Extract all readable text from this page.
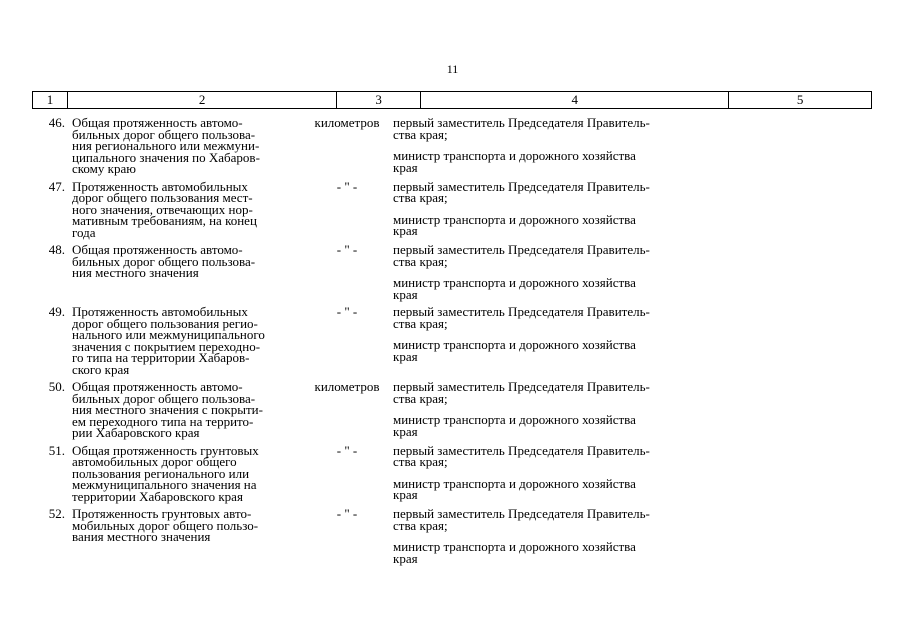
11
1	2	3	4	5
46. Общая протяженность автомо-
бильных дорог общего пользова-
ния регионального или межмуни-
ципального значения по Хабаров-
скому краю
километров	первый заместитель Председателя Правитель-
ства края;
министр транспорта и дорожного хозяйства
края
47. Протяженность автомобильных
дорог общего пользования мест-
ного значения, отвечающих нор-
мативным требованиям, на конец
года
- " -	первый заместитель Председателя Правитель-
ства края;
министр транспорта и дорожного хозяйства
края
48. Общая протяженность автомо-
бильных дорог общего пользова-
ния местного значения
- " -	первый заместитель Председателя Правитель-
ства края;
министр транспорта и дорожного хозяйства
края
49. Протяженность автомобильных
дорог общего пользования регио-
нального или межмуниципального
значения с покрытием переходно-
го типа на территории Хабаров-
ского края
- " -	первый заместитель Председателя Правитель-
ства края;
министр транспорта и дорожного хозяйства
края
50. Общая протяженность автомо-
бильных дорог общего пользова-
ния местного значения с покрыти-
ем переходного типа на террито-
рии Хабаровского края
километров	первый заместитель Председателя Правитель-
ства края;
министр транспорта и дорожного хозяйства
края
51. Общая протяженность грунтовых
автомобильных дорог общего
пользования регионального или
межмуниципального значения на
территории Хабаровского края
- " -	первый заместитель Председателя Правитель-
ства края;
министр транспорта и дорожного хозяйства
края
52. Протяженность грунтовых авто-
мобильных дорог общего пользо-
вания местного значения
- " -	первый заместитель Председателя Правитель-
ства края;
министр транспорта и дорожного хозяйства
края
